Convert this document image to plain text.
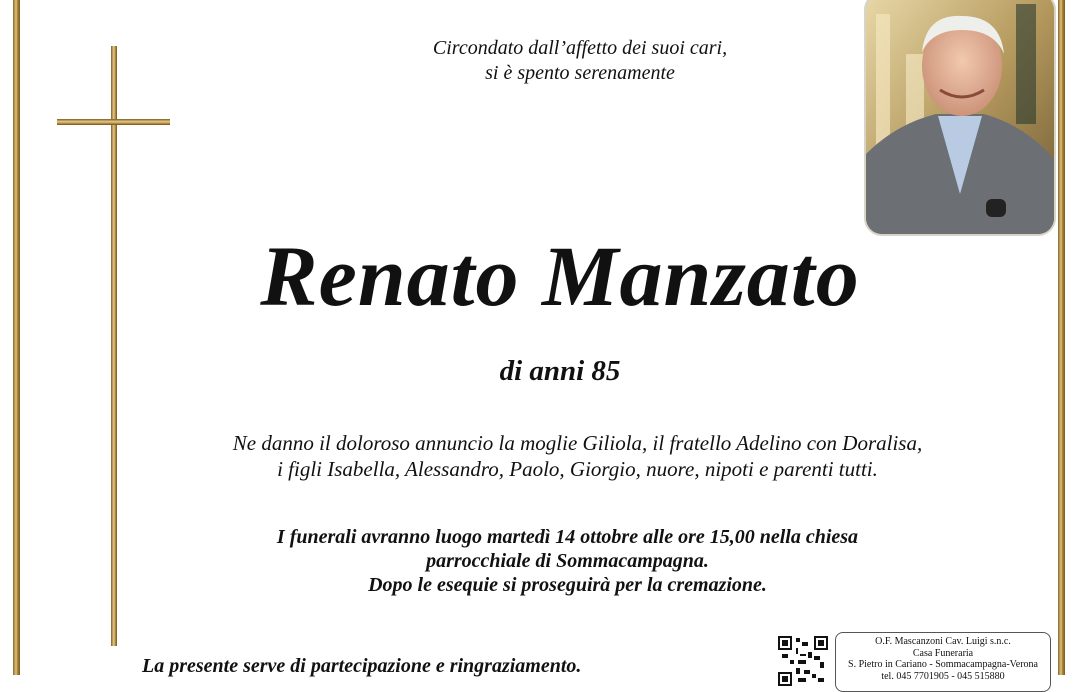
Circondato dall’affetto dei suoi cari,
si è spento serenamente
Renato Manzato
di anni 85
Ne danno il doloroso annuncio la moglie Giliola, il fratello Adelino con Doralisa,
i figli Isabella, Alessandro, Paolo, Giorgio, nuore, nipoti e parenti tutti.
I funerali avranno luogo martedì 14 ottobre alle ore 15,00 nella chiesa
parrocchiale di Sommacampagna.
Dopo le esequie si proseguirà per la cremazione.
La presente serve di partecipazione e ringraziamento.
O.F. Mascanzoni Cav. Luigi s.n.c.
Casa Funeraria
S. Pietro in Cariano - Sommacampagna-Verona
tel. 045 7701905 - 045 515880
